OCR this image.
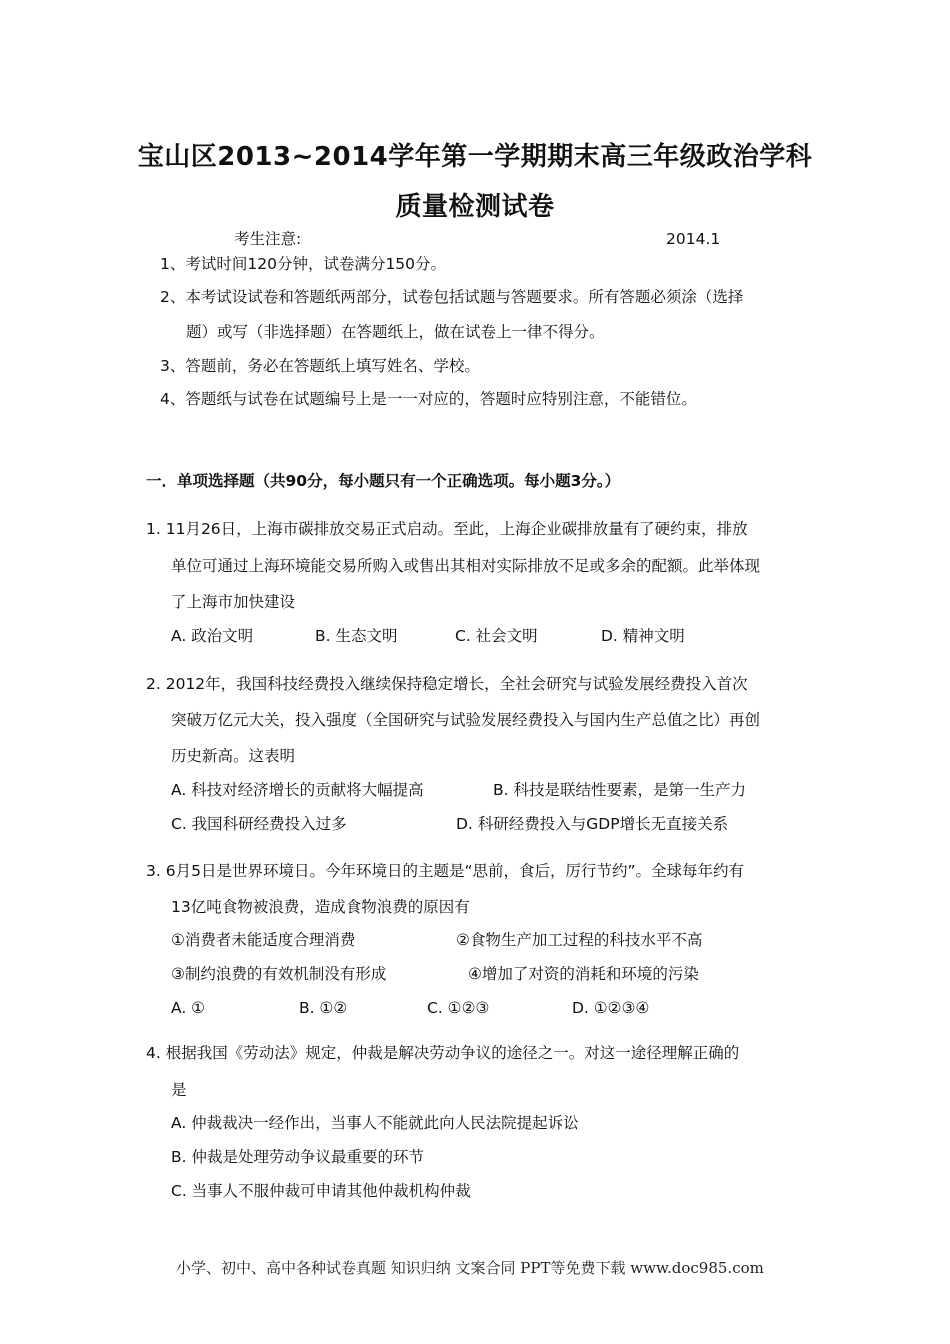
宝山区2013~2014学年第一学期期末高三年级政治学科
质量检测试卷
考生注意:	2014.1
1、考试时间120分钟，试卷满分150分。
2、本考试设试卷和答题纸两部分，试卷包括试题与答题要求。所有答题必须涂（选择
题）或写（非选择题）在答题纸上，做在试卷上一律不得分。
3、答题前，务必在答题纸上填写姓名、学校。
4、答题纸与试卷在试题编号上是一一对应的，答题时应特别注意，不能错位。
一．单项选择题（共90分，每小题只有一个正确选项。每小题3分。）
1. 11月26日，上海市碳排放交易正式启动。至此，上海企业碳排放量有了硬约束，排放
单位可通过上海环境能交易所购入或售出其相对实际排放不足或多余的配额。此举体现
了上海市加快建设
A. 政治文明	B. 生态文明	C. 社会文明	D. 精神文明
2. 2012年，我国科技经费投入继续保持稳定增长，全社会研究与试验发展经费投入首次
突破万亿元大关，投入强度（全国研究与试验发展经费投入与国内生产总值之比）再创
历史新高。这表明
A. 科技对经济增长的贡献将大幅提高	B. 科技是联结性要素，是第一生产力
C. 我国科研经费投入过多	D. 科研经费投入与GDP增长无直接关系
3. 6月5日是世界环境日。今年环境日的主题是“思前，食后，厉行节约”。全球每年约有
13亿吨食物被浪费，造成食物浪费的原因有
①消费者未能适度合理消费	②食物生产加工过程的科技水平不高
③制约浪费的有效机制没有形成	④增加了对资的消耗和环境的污染
A. ①	B. ①②	C. ①②③	D. ①②③④
4. 根据我国《劳动法》规定，仲裁是解决劳动争议的途径之一。对这一途径理解正确的
是
A. 仲裁裁决一经作出，当事人不能就此向人民法院提起诉讼
B. 仲裁是处理劳动争议最重要的环节
C. 当事人不服仲裁可申请其他仲裁机构仲裁
小学、初中、高中各种试卷真题 知识归纳 文案合同 PPT等免费下载 www.doc985.com
